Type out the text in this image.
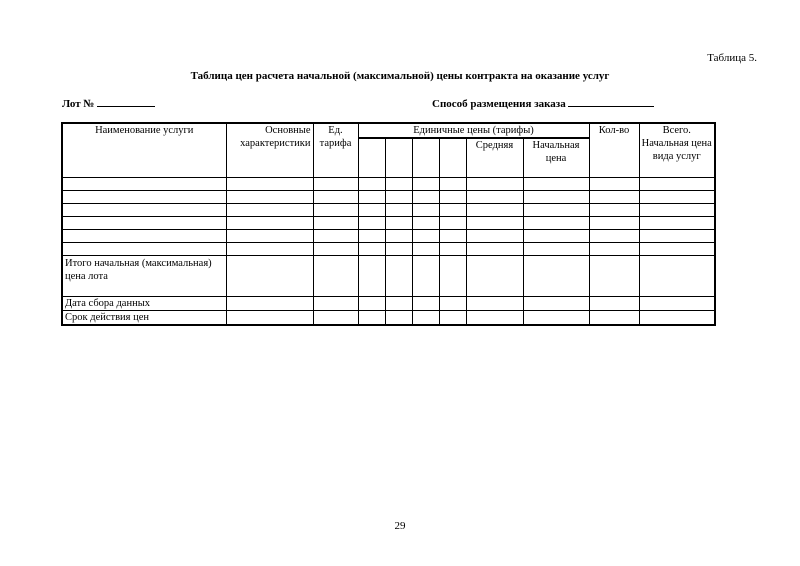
Таблица 5.
Таблица цен расчета начальной (максимальной) цены контракта на оказание услуг
Лот №	Способ размещения заказа
Наименование услуги	Основные характеристики	Ед. тарифа	Единичные цены (тарифы)						Кол-во	Всего. Начальная цена вида услуг
							Средняя	Начальная цена		

Итого начальная (максимальная) цена лота										
Дата сбора данных										
Срок действия цен										
29
